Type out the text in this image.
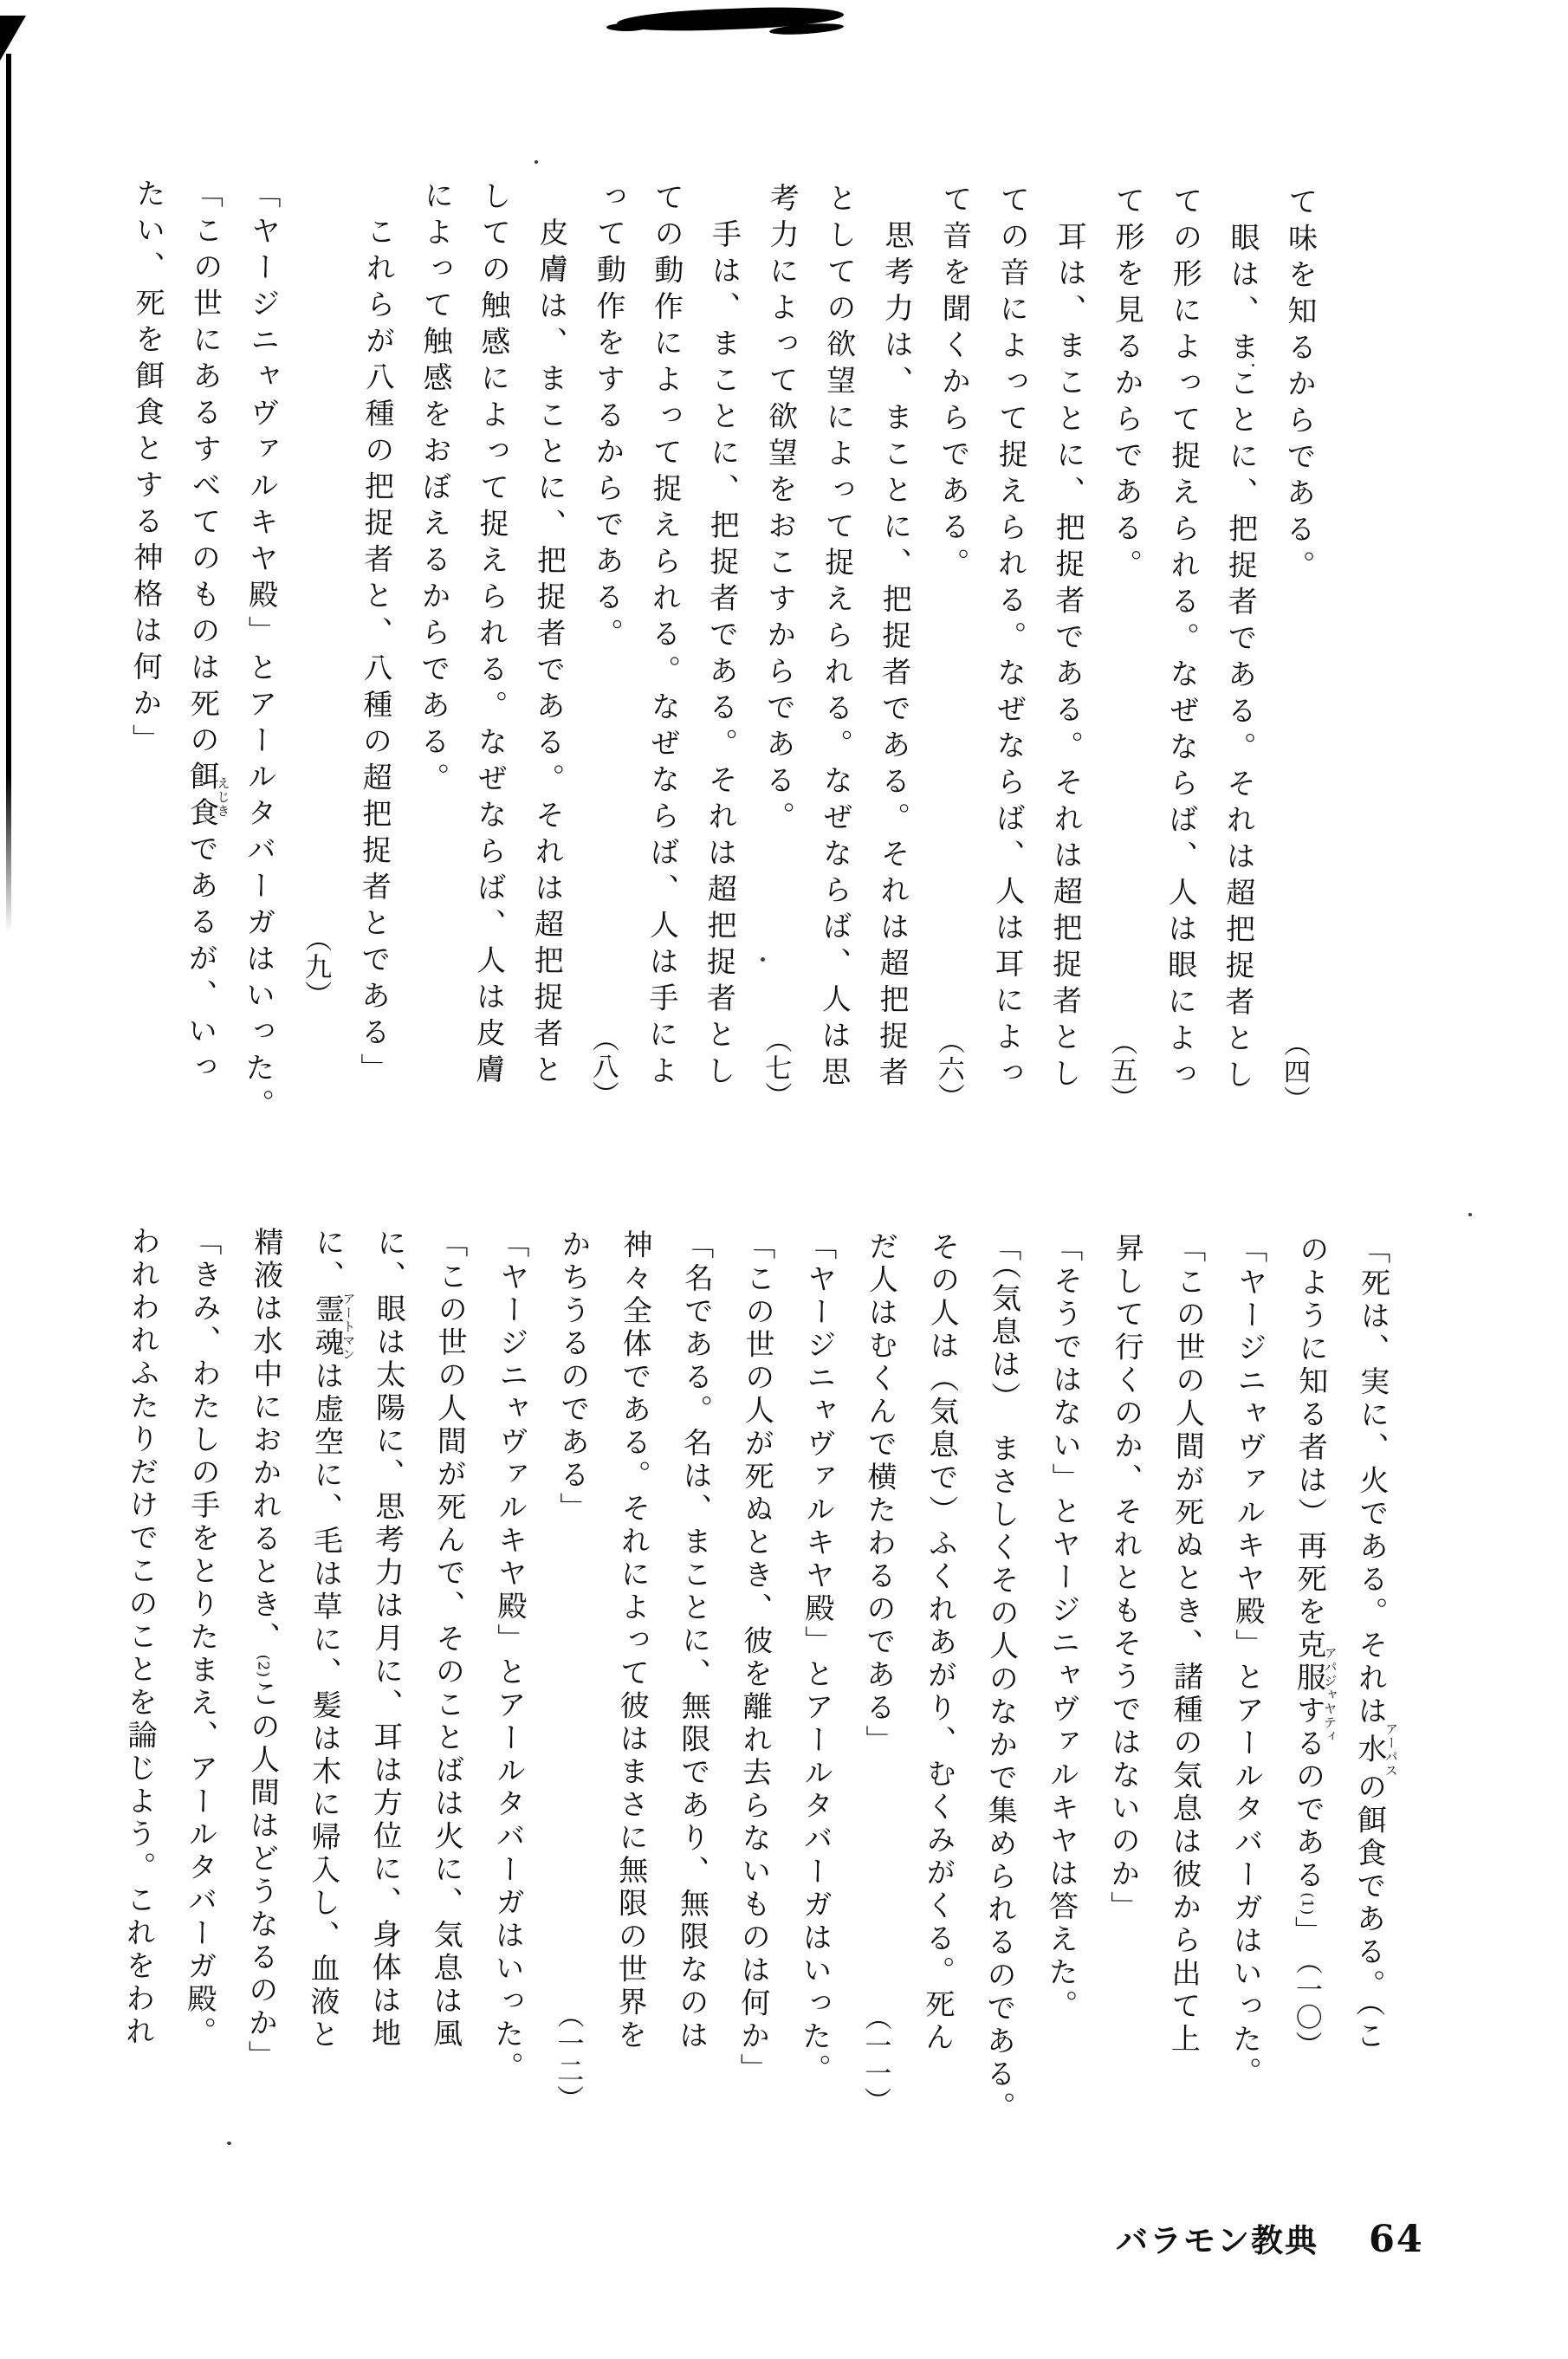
て味を知るからである。
（四）
眼は、まことに、把捉者である。それは超把捉者とし
ての形によって捉えられる。なぜならば、人は眼によっ
て形を見るからである。
（五）
耳は、まことに、把捉者である。それは超把捉者とし
ての音によって捉えられる。なぜならば、人は耳によっ
て音を聞くからである。
（六）
思考力は、まことに、把捉者である。それは超把捉者
としての欲望によって捉えられる。なぜならば、人は思
考力によって欲望をおこすからである。
（七）
手は、まことに、把捉者である。それは超把捉者とし
ての動作によって捉えられる。なぜならば、人は手によ
って動作をするからである。
（八）
皮膚は、まことに、把捉者である。それは超把捉者と
しての触感によって捉えられる。なぜならば、人は皮膚
によって触感をおぼえるからである。
これらが八種の把捉者と、八種の超把捉者とである」
（九）
「ヤージニャヴァルキヤ殿」とアールタバーガはいった。
「この世にあるすべてのものは死の餌食えじきであるが、いっ
たい、死を餌食とする神格は何か」
「死は、実に、火である。それは水アーパスの餌食である。（こ
のように知る者は）再死を克服するアパジャヤティのである(1)」
（一〇）
「ヤージニャヴァルキヤ殿」とアールタバーガはいった。
「この世の人間が死ぬとき、諸種の気息は彼から出て上
昇して行くのか、それともそうではないのか」
「そうではない」とヤージニャヴァルキヤは答えた。
「（気息は）　まさしくその人のなかで集められるのである。
その人は（気息で）ふくれあがり、むくみがくる。死ん
だ人はむくんで横たわるのである」
（一一）
「ヤージニャヴァルキヤ殿」とアールタバーガはいった。
「この世の人が死ぬとき、彼を離れ去らないものは何か」
「名である。名は、まことに、無限であり、無限なのは
神々全体である。それによって彼はまさに無限の世界を
かちうるのである」
（一二）
「ヤージニャヴァルキヤ殿」とアールタバーガはいった。
「この世の人間が死んで、そのことばは火に、気息は風
に、眼は太陽に、思考力は月に、耳は方位に、身体は地
に、霊魂アートマンは虚空に、毛は草に、髪は木に帰入し、血液と
精液は水中におかれるとき、(2)この人間はどうなるのか」
「きみ、わたしの手をとりたまえ、アールタバーガ殿。
われわれふたりだけでこのことを論じよう。これをわれ
バラモン教典 64
